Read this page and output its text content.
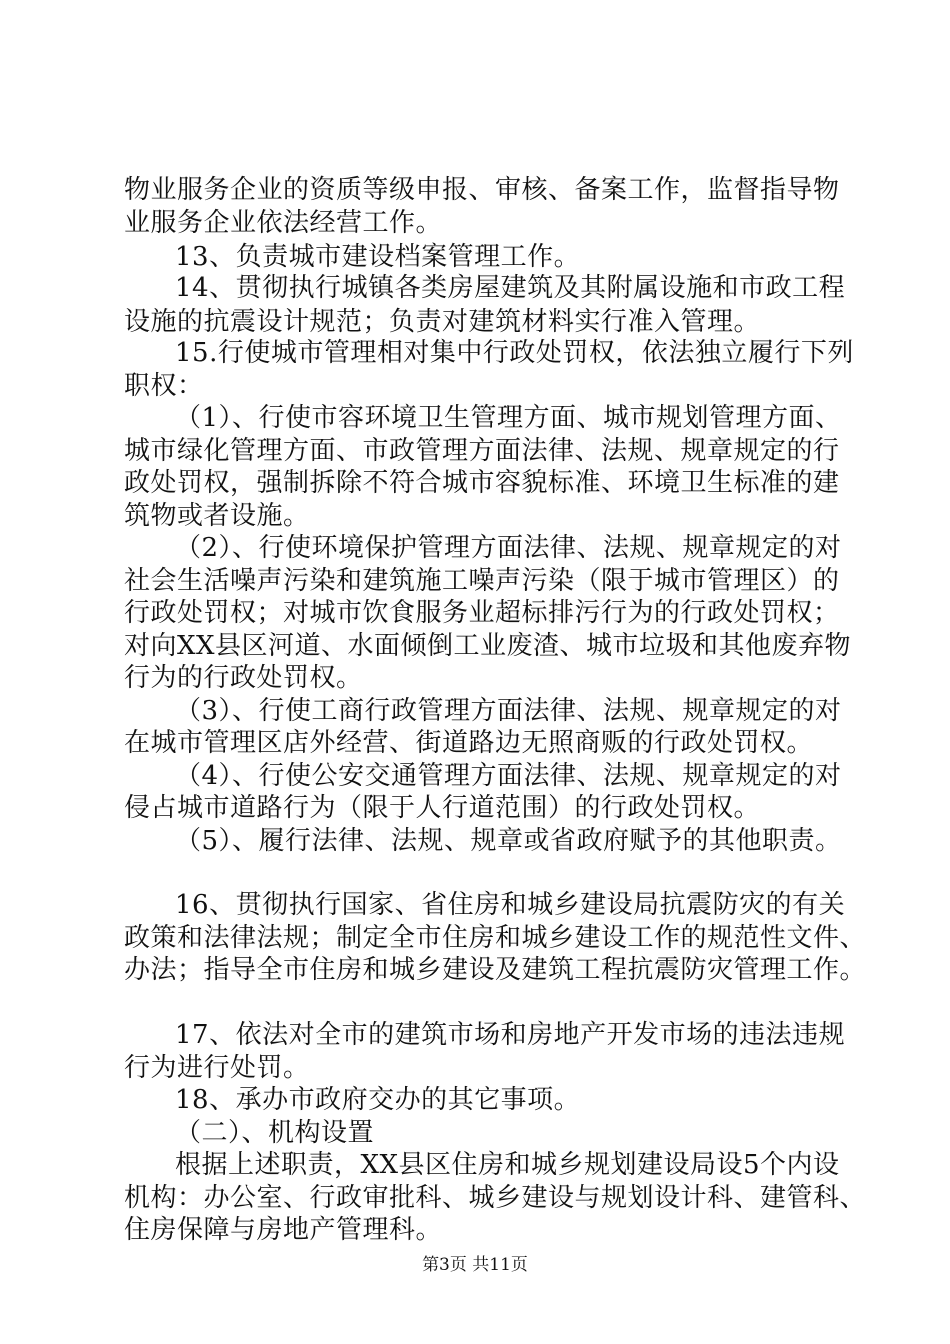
物业服务企业的资质等级申报、审核、备案工作，监督指导物
业服务企业依法经营工作。
13、负责城市建设档案管理工作。
14、贯彻执行城镇各类房屋建筑及其附属设施和市政工程
设施的抗震设计规范；负责对建筑材料实行准入管理。
15.行使城市管理相对集中行政处罚权，依法独立履行下列
职权：
（1）、行使市容环境卫生管理方面、城市规划管理方面、
城市绿化管理方面、市政管理方面法律、法规、规章规定的行
政处罚权，强制拆除不符合城市容貌标准、环境卫生标准的建
筑物或者设施。
（2）、行使环境保护管理方面法律、法规、规章规定的对
社会生活噪声污染和建筑施工噪声污染（限于城市管理区）的
行政处罚权；对城市饮食服务业超标排污行为的行政处罚权；
对向XX县区河道、水面倾倒工业废渣、城市垃圾和其他废弃物
行为的行政处罚权。
（3）、行使工商行政管理方面法律、法规、规章规定的对
在城市管理区店外经营、街道路边无照商贩的行政处罚权。
（4）、行使公安交通管理方面法律、法规、规章规定的对
侵占城市道路行为（限于人行道范围）的行政处罚权。
（5）、履行法律、法规、规章或省政府赋予的其他职责。
16、贯彻执行国家、省住房和城乡建设局抗震防灾的有关
政策和法律法规；制定全市住房和城乡建设工作的规范性文件、
办法；指导全市住房和城乡建设及建筑工程抗震防灾管理工作。
17、依法对全市的建筑市场和房地产开发市场的违法违规
行为进行处罚。
18、承办市政府交办的其它事项。
（二）、机构设置
根据上述职责，XX县区住房和城乡规划建设局设5个内设
机构：办公室、行政审批科、城乡建设与规划设计科、建管科、
住房保障与房地产管理科。
第3页 共11页
